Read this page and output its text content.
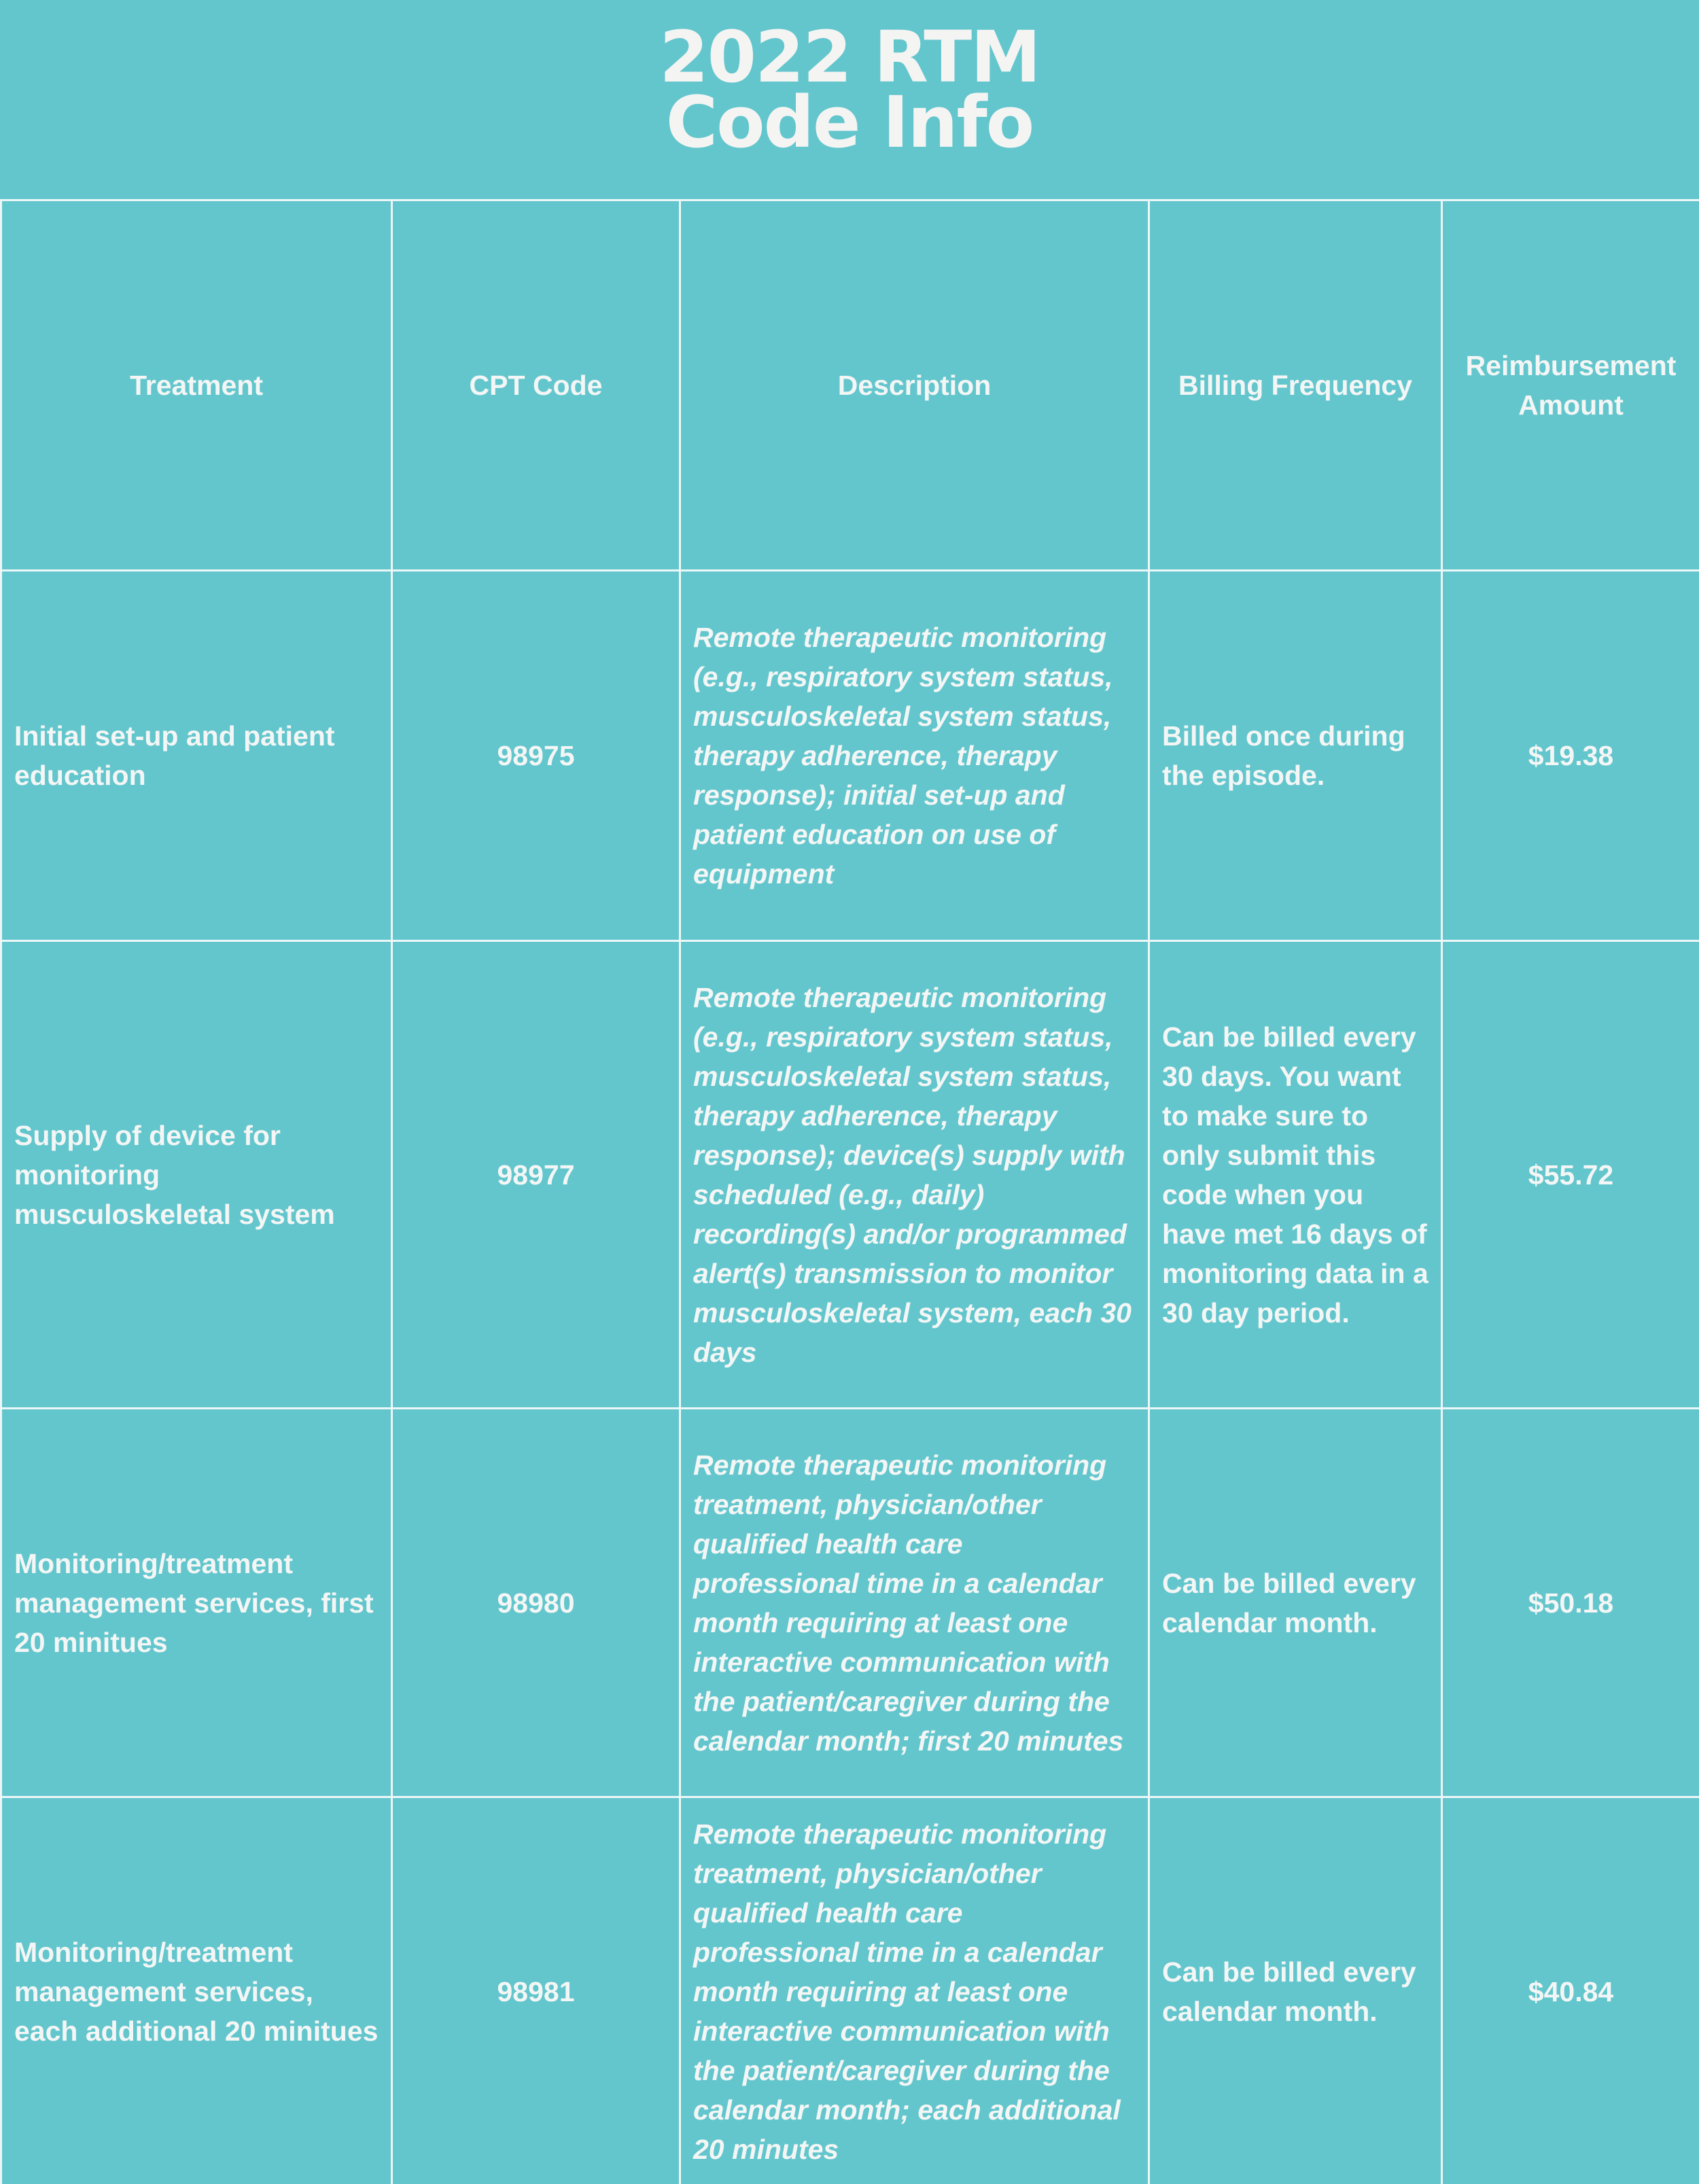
2022 RTM
Code Info
Treatment	CPT Code	Description	Billing Frequency	Reimbursement Amount
Initial set-up and patient education	98975	Remote therapeutic monitoring (e.g., respiratory system status, musculoskeletal system status, therapy adherence, therapy response); initial set-up and patient education on use of equipment	Billed once during the episode.	$19.38
Supply of device for monitoring musculoskeletal system	98977	Remote therapeutic monitoring (e.g., respiratory system status, musculoskeletal system status, therapy adherence, therapy response); device(s) supply with scheduled (e.g., daily) recording(s) and/or programmed alert(s) transmission to monitor musculoskeletal system, each 30 days	Can be billed every 30 days. You want to make sure to only submit this code when you have met 16 days of monitoring data in a 30 day period.	$55.72
Monitoring/treatment management services, first 20 minitues	98980	Remote therapeutic monitoring treatment, physician/other qualified health care professional time in a calendar month requiring at least one interactive communication with the patient/caregiver during the calendar month; first 20 minutes	Can be billed every calendar month.	$50.18
Monitoring/treatment management services, each additional 20 minitues	98981	Remote therapeutic monitoring treatment, physician/other qualified health care professional time in a calendar month requiring at least one interactive communication with the patient/caregiver during the calendar month; each additional 20 minutes	Can be billed every calendar month.	$40.84
